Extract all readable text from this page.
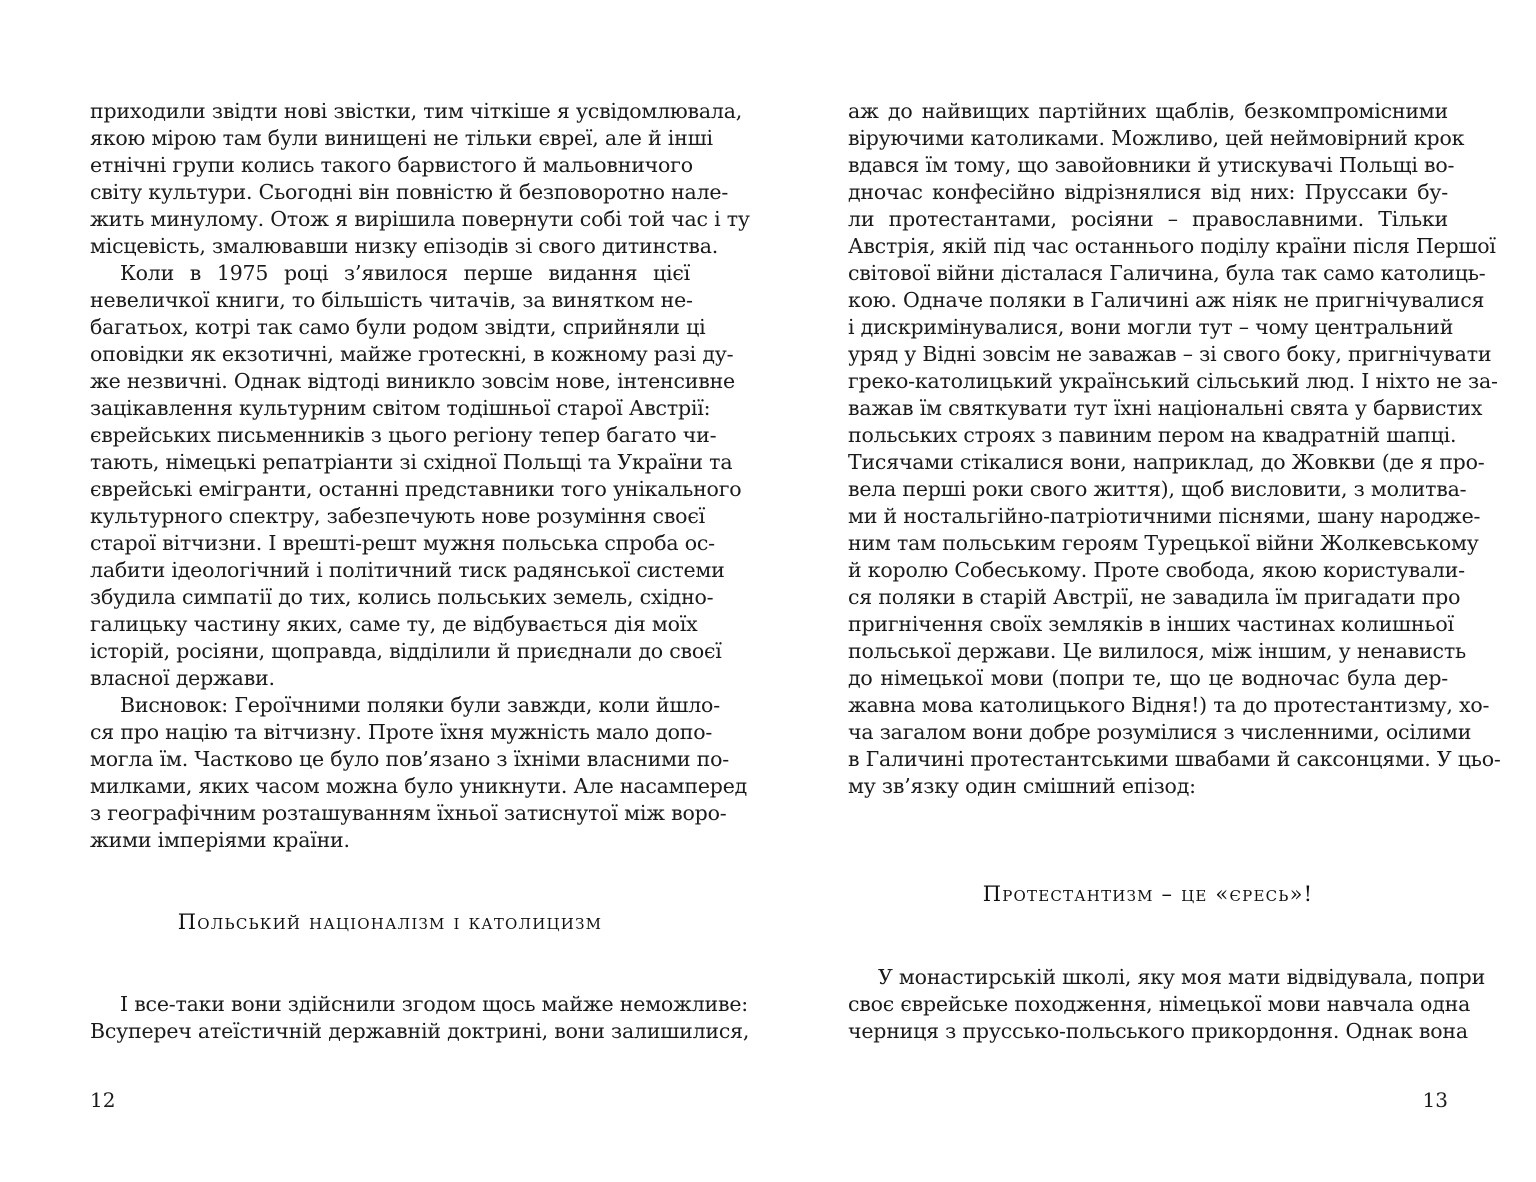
приходили звідти нові звістки, тим чіткіше я усвідомлювала,
якою мірою там були винищені не тільки євреї, але й інші
етнічні групи колись такого барвистого й мальовничого
світу культури. Сьогодні він повністю й безповоротно нале-
жить минулому. Отож я вирішила повернути собі той час і ту
місцевість, змалювавши низку епізодів зі свого дитинства.
Коли в 1975 році з’явилося перше видання цієї
невеличкої книги, то більшість читачів, за винятком не-
багатьох, котрі так само були родом звідти, сприйняли ці
оповідки як екзотичні, майже гротескні, в кожному разі ду-
же незвичні. Однак відтоді виникло зовсім нове, інтенсивне
зацікавлення культурним світом тодішньої старої Австрії:
єврейських письменників з цього регіону тепер багато чи-
тають, німецькі репатріанти зі східної Польщі та України та
єврейські емігранти, останні представники того унікального
культурного спектру, забезпечують нове розуміння своєї
старої вітчизни. І врешті-решт мужня польська спроба ос-
лабити ідеологічний і політичний тиск радянської системи
збудила симпатії до тих, колись польських земель, східно-
галицьку частину яких, саме ту, де відбувається дія моїх
історій, росіяни, щоправда, відділили й приєднали до своєї
власної держави.
Висновок: Героїчними поляки були завжди, коли йшло-
ся про націю та вітчизну. Проте їхня мужність мало допо-
могла їм. Частково це було пов’язано з їхніми власними по-
милками, яких часом можна було уникнути. Але насамперед
з географічним розташуванням їхньої затиснутої між воро-
жими імперіями країни.
Польський націоналізм і католицизм
І все-таки вони здійснили згодом щось майже неможливе:
Всупереч атеїстичній державній доктрині, вони залишилися,
12
аж до найвищих партійних щаблів, безкомпромісними
віруючими католиками. Можливо, цей неймовірний крок
вдався їм тому, що завойовники й утискувачі Польщі во-
дночас конфесійно відрізнялися від них: Пруссаки бу-
ли протестантами, росіяни – православними. Тільки
Австрія, якій під час останнього поділу країни після Першої
світової війни дісталася Галичина, була так само католиць-
кою. Одначе поляки в Галичині аж ніяк не пригнічувалися
і дискримінувалися, вони могли тут – чому центральний
уряд у Відні зовсім не заважав – зі свого боку, пригнічувати
греко-католицький український сільський люд. І ніхто не за-
важав їм святкувати тут їхні національні свята у барвистих
польських строях з павиним пером на квадратній шапці.
Тисячами стікалися вони, наприклад, до Жовкви (де я про-
вела перші роки свого життя), щоб висловити, з молитва-
ми й ностальгійно-патріотичними піснями, шану народже-
ним там польським героям Турецької війни Жолкевському
й королю Собеському. Проте свобода, якою користували-
ся поляки в старій Австрії, не завадила їм пригадати про
пригнічення своїх земляків в інших частинах колишньої
польської держави. Це вилилося, між іншим, у ненависть
до німецької мови (попри те, що це водночас була дер-
жавна мова католицького Відня!) та до протестантизму, хо-
ча загалом вони добре розумілися з численними, осілими
в Галичині протестантськими швабами й саксонцями. У цьо-
му зв’язку один смішний епізод:
Протестантизм – це «єресь»!
У монастирській школі, яку моя мати відвідувала, попри
своє єврейське походження, німецької мови навчала одна
черниця з пруссько-польського прикордоння. Однак вона
13
